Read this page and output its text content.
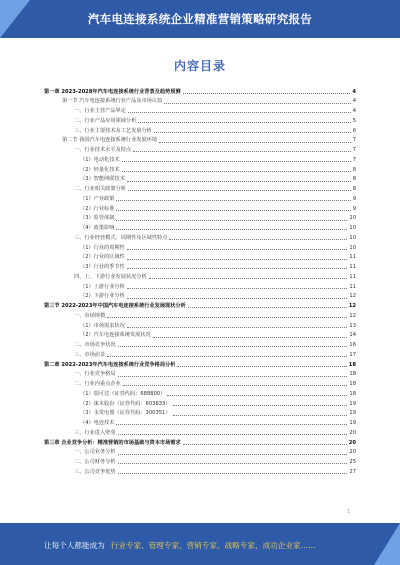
汽车电连接系统企业精准营销策略研究报告
内容目录
第一章 2023-2028年汽车电连接系统行业背景及趋势预测	4
第一节 汽车电连接系统行业产品及市场认知	4
一、行业主营产品界定	4
二、行业产品应用领域分析	5
三、行业主要技术及工艺发展分析	6
第二节 我国汽车电连接系统行业发展环境	7
一、行业技术水平及特点	7
（1）电动化技术	7
（2）轻量化技术	8
（3）智能网联技术	8
二、行业相关政策分析	8
（1）产业政策	9
（2）行业标准	9
（3）监管体制	10
（4）政策影响	10
三、行业经营模式、周期性及区域性特点	10
（1）行业的周期性	10
（2）行业的区域性	11
（3）行业的季节性	11
四、上、下游行业发展状况分析	11
（1）上游行业分析	11
（2）下游行业分析	12
第三节 2022-2023年中国汽车电连接系统行业发展现状分析	12
一、市场规模	12
（1）市场需求状况	13
（2）汽车电连接系统发展状况	14
二、市场竞争状况	16
三、市场前景	17
第二章 2022-2023年汽车电连接系统行业竞争格局分析	18
一、行业竞争格局	18
二、行业内重点企业	18
（1）瑞可达（证券代码：688800）	18
（2）徕木股份（证券代码：603633）	19
（3）永贵电器（证券代码：300351）	19
（4）电连技术	19
三、行业进入壁垒	20
第三章 企业竞争分析：精准营销的市场基础与资本市场需求	20
一、公司业务分析	20
二、公司财务分析	25
三、公司竞争优势	27
1
让每个人都能成为 行业专家、管理专家、营销专家、战略专家、成功企业家……
